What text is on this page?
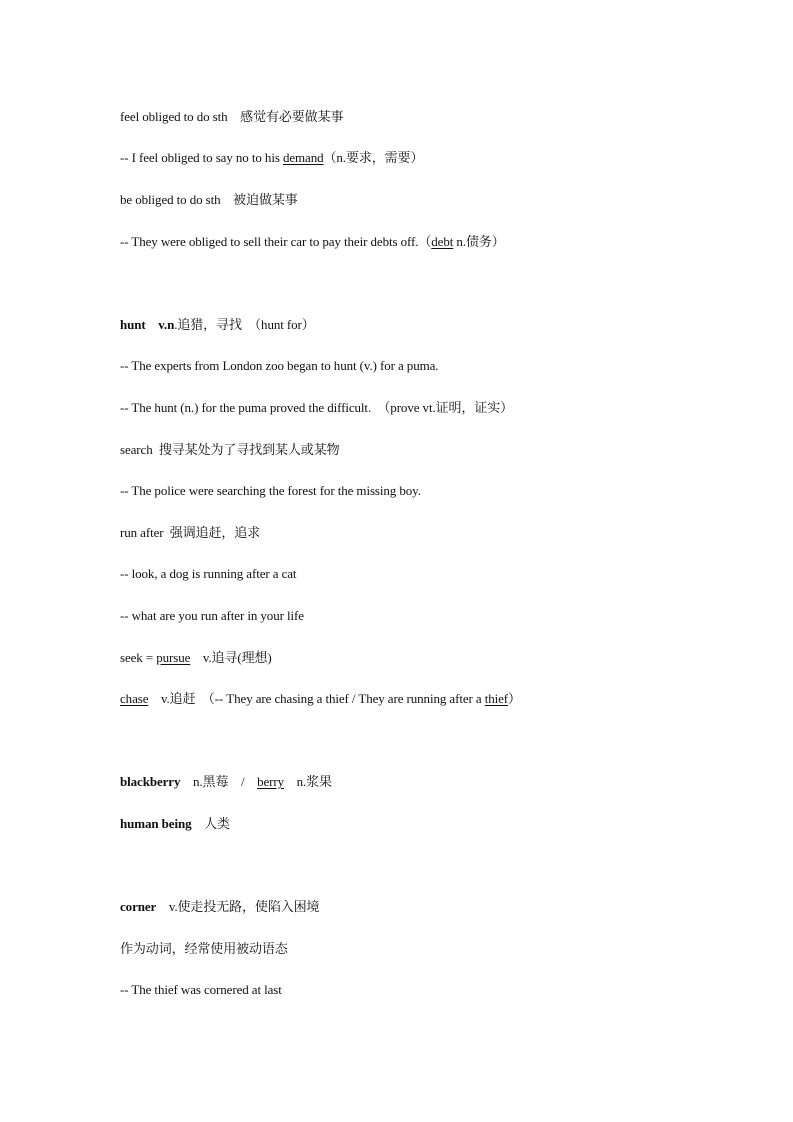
feel obliged to do sth    感觉有必要做某事
-- I feel obliged to say no to his demand（n.要求，需要）
be obliged to do sth    被迫做某事
-- They were obliged to sell their car to pay their debts off.（debt n.债务）
hunt v.n.追猎，寻找  （hunt for）
-- The experts from London zoo began to hunt (v.) for a puma.
-- The hunt (n.) for the puma proved the difficult.  （prove vt.证明，证实）
search  搜寻某处为了寻找到某人或某物
-- The police were searching the forest for the missing boy.
run after  强调追赶，追求
-- look, a dog is running after a cat
-- what are you run after in your life
seek = pursue    v.追寻(理想)
chase    v.追赶  （-- They are chasing a thief / They are running after a thief）
blackberry    n.黑莓    /    berry    n.浆果
human being    人类
corner    v.使走投无路，使陷入困境
作为动词，经常使用被动语态
-- The thief was cornered at last
